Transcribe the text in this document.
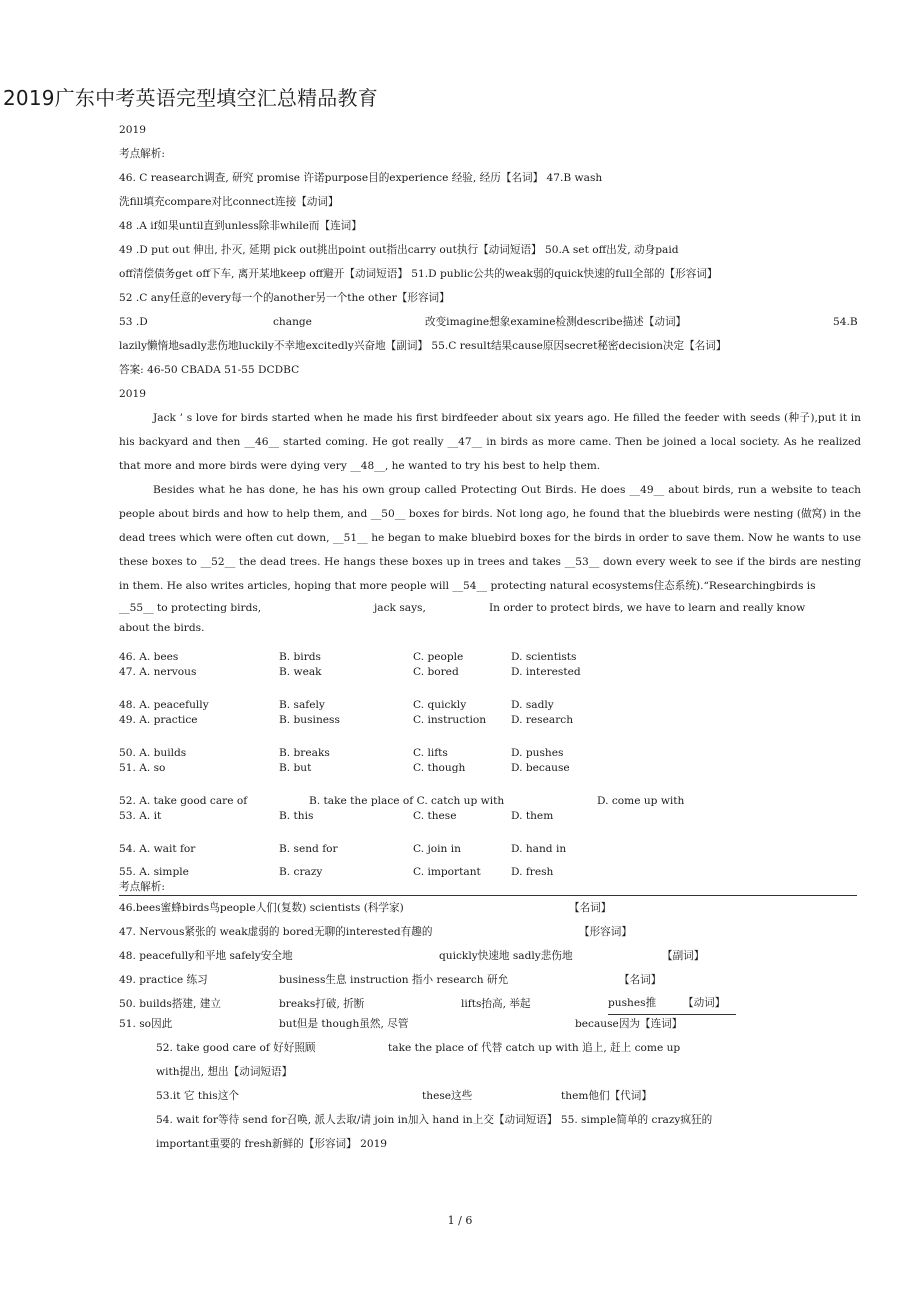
2019广东中考英语完型填空汇总精品教育
2019
考点解析:
46. C reasearch调查, 研究 promise 许诺purpose目的experience 经验, 经历【名词】 47.B wash
洗fill填充compare对比connect连接【动词】
48 .A if如果until直到unless除非while而【连词】
49 .D put out 伸出, 扑灭, 延期 pick out挑出point out指出carry out执行【动词短语】 50.A set off出发, 动身paid
off清偿债务get off下车, 离开某地keep off避开【动词短语】 51.D public公共的weak弱的quick快速的full全部的【形容词】
52 .C any任意的every每一个的another另一个the other【形容词】
53 .D	change	改变imagine想象examine检测describe描述【动词】	54.B
lazily懒惰地sadly悲伤地luckily不幸地excitedly兴奋地【副词】 55.C result结果cause原因secret秘密decision决定【名词】
答案: 46-50 CBADA 51-55 DCDBC
2019

Jack ’ s love for birds started when he made his first birdfeeder about six years ago. He filled the feeder with seeds (种子),put it in his backyard and then __46__ started coming. He got really __47__ in birds as more came. Then be joined a local society. As he realized that more and more birds were dying very __48__, he wanted to try his best to help them.

Besides what he has done, he has his own group called Protecting Out Birds. He does __49__ about birds, run a website to teach people about birds and how to help them, and __50__ boxes for birds. Not long ago, he found that the bluebirds were nesting (做窝) in the dead trees which were often cut down, __51__ he began to make bluebird boxes for the birds in order to save them. Now he wants to use these boxes to __52__ the dead trees. He hangs these boxes up in trees and takes __53__ down every week to see if the birds are nesting in them. He also writes articles, hoping that more people will __54__ protecting natural ecosystems住态系统).“Researchingbirds is

__55__ to protecting birds,	jack says,	In order to protect birds, we have to learn and really know
about the birds.
46. A. bees	B. birds	C. people	D. scientists
47. A. nervous	B. weak	C. bored	D. interested
48. A. peacefully	B. safely	C. quickly	D. sadly
49. A. practice	B. business	C. instruction	D. research
50. A. builds	B. breaks	C. lifts	D. pushes
51. A. so	B. but	C. though	D. because
52. A. take good care of	B. take the place of C. catch up with	D. come up with
53. A. it	B. this	C. these	D. them
54. A. wait for	B. send for	C. join in	D. hand in
55. A. simple	B. crazy	C. important	D. fresh
考点解析:
46.bees蜜蜂birds鸟people人们(复数) scientists (科学家)	【名词】
47. Nervous紧张的 weak虚弱的 bored无聊的interested有趣的	【形容词】
48. peacefully和平地 safely安全地	quickly快速地 sadly悲伤地	【副词】
49. practice 练习	business生息 instruction 指小 research 研允	【名词】
50. builds搭建, 建立	breaks打破, 折断	lifts抬高, 举起	pushes推	【动词】
51. so因此	but但是 though虽然, 尽管	because因为【连词】
52. take good care of 好好照顾	take the place of 代替 catch up with 追上, 赶上 come up
with提出, 想出【动词短语】
53.it 它 this这个	these这些	them他们【代词】
54. wait for等待 send for召唤, 派人去取/请 join in加入 hand in上交【动词短语】 55. simple简单的 crazy疯狂的
important重要的 fresh新鲜的【形容词】 2019
1 / 6
